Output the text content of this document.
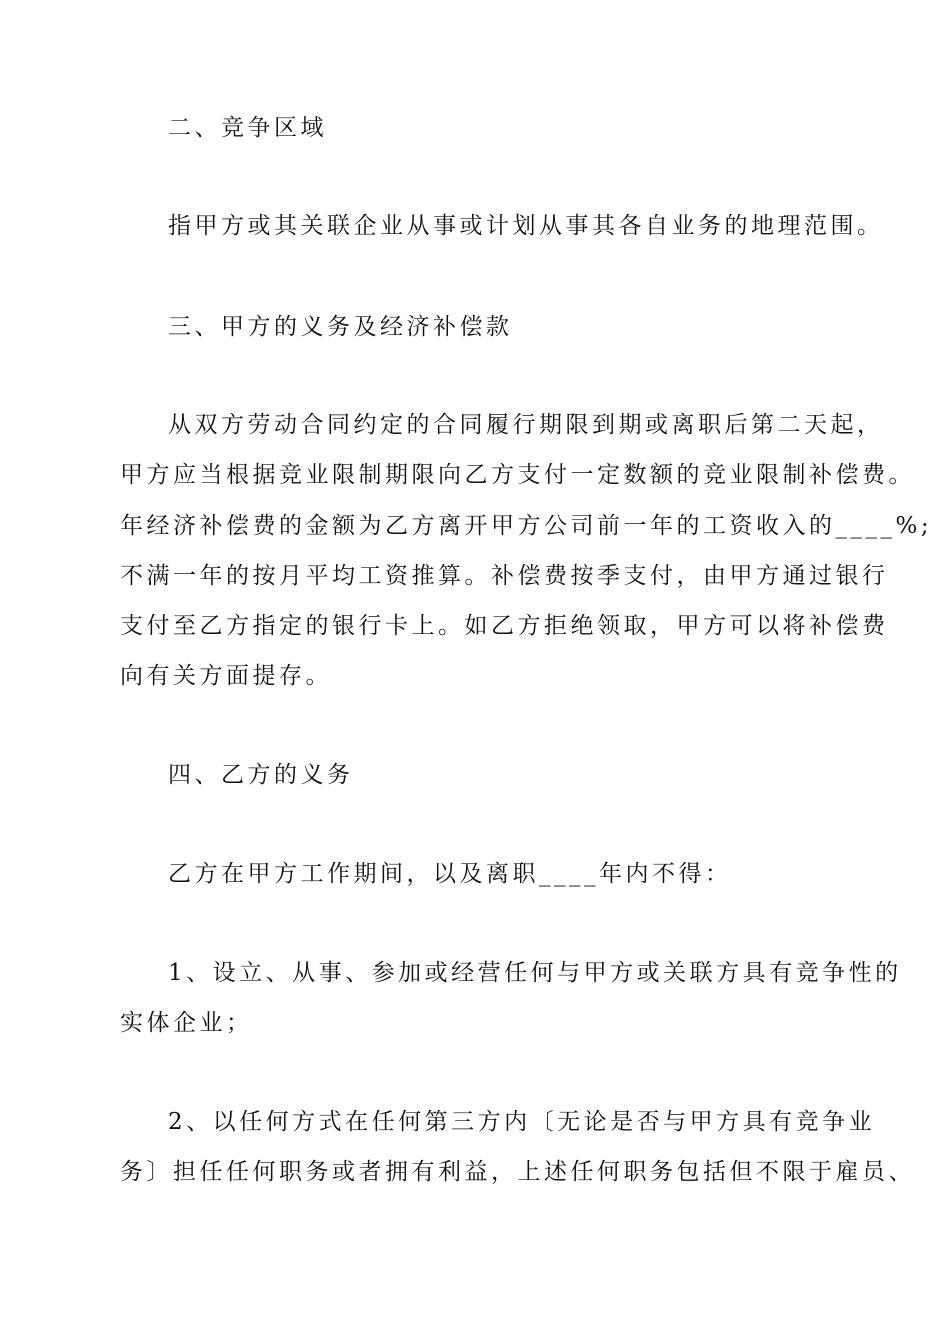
二、竞争区域
指甲方或其关联企业从事或计划从事其各自业务的地理范围。
三、甲方的义务及经济补偿款
从双方劳动合同约定的合同履行期限到期或离职后第二天起，
甲方应当根据竞业限制期限向乙方支付一定数额的竞业限制补偿费。
年经济补偿费的金额为乙方离开甲方公司前一年的工资收入的____%;
不满一年的按月平均工资推算。补偿费按季支付，由甲方通过银行
支付至乙方指定的银行卡上。如乙方拒绝领取，甲方可以将补偿费
向有关方面提存。
四、乙方的义务
乙方在甲方工作期间，以及离职____年内不得：
1、设立、从事、参加或经营任何与甲方或关联方具有竞争性的
实体企业；
2、以任何方式在任何第三方内〔无论是否与甲方具有竞争业
务〕担任任何职务或者拥有利益，上述任何职务包括但不限于雇员、
